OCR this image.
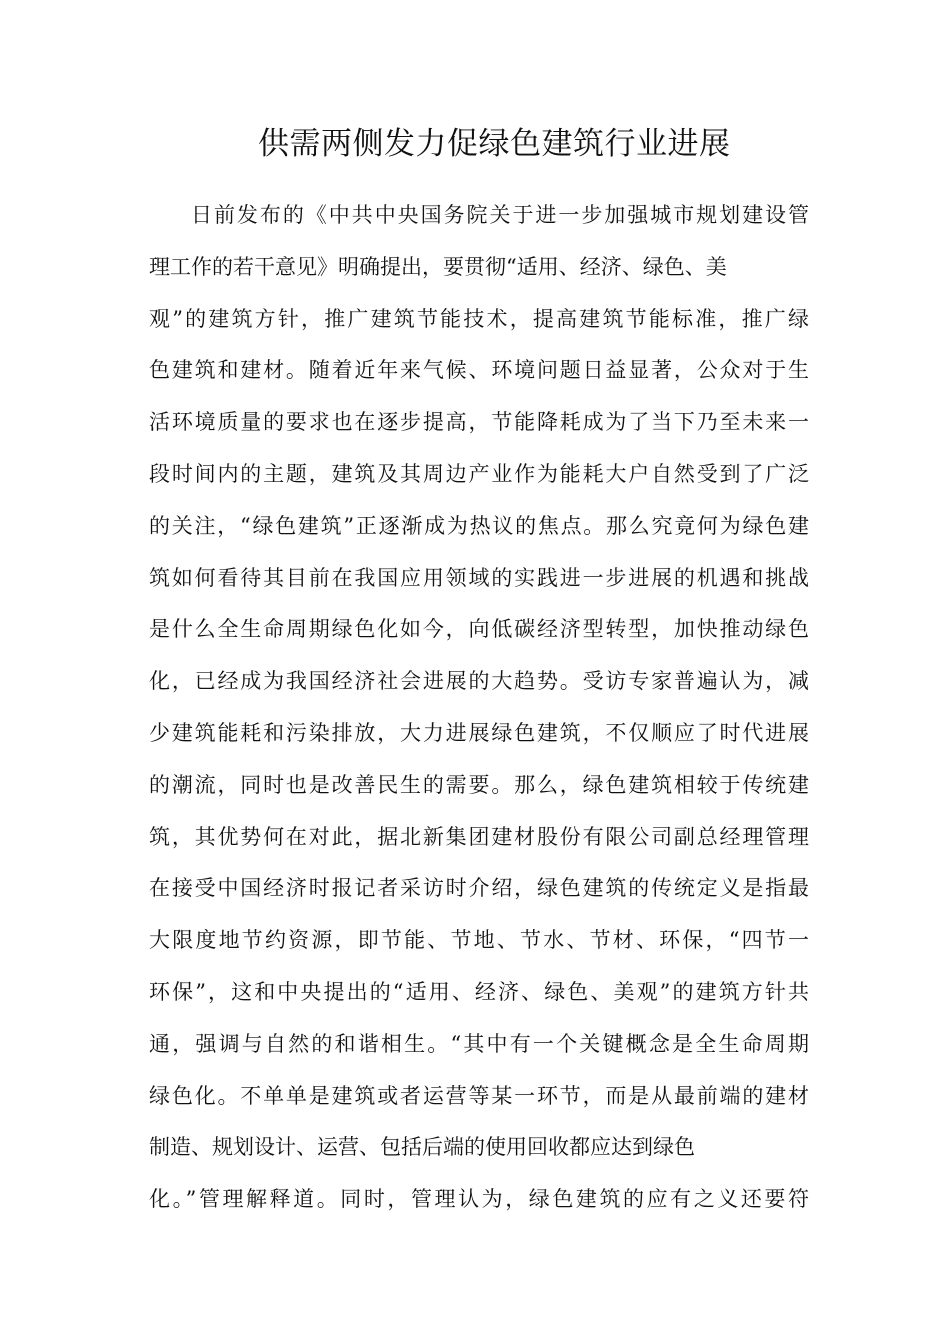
供需两侧发力促绿色建筑行业进展
日前发布的《中共中央国务院关于进一步加强城市规划建设管
理工作的若干意见》明确提出，要贯彻“适用、经济、绿色、美
观”的建筑方针，推广建筑节能技术，提高建筑节能标准，推广绿
色建筑和建材。随着近年来气候、环境问题日益显著，公众对于生
活环境质量的要求也在逐步提高，节能降耗成为了当下乃至未来一
段时间内的主题，建筑及其周边产业作为能耗大户自然受到了广泛
的关注，“绿色建筑”正逐渐成为热议的焦点。那么究竟何为绿色建
筑如何看待其目前在我国应用领域的实践进一步进展的机遇和挑战
是什么全生命周期绿色化如今，向低碳经济型转型，加快推动绿色
化，已经成为我国经济社会进展的大趋势。受访专家普遍认为，减
少建筑能耗和污染排放，大力进展绿色建筑，不仅顺应了时代进展
的潮流，同时也是改善民生的需要。那么，绿色建筑相较于传统建
筑，其优势何在对此，据北新集团建材股份有限公司副总经理管理
在接受中国经济时报记者采访时介绍，绿色建筑的传统定义是指最
大限度地节约资源，即节能、节地、节水、节材、环保，“四节一
环保”，这和中央提出的“适用、经济、绿色、美观”的建筑方针共
通，强调与自然的和谐相生。“其中有一个关键概念是全生命周期
绿色化。不单单是建筑或者运营等某一环节，而是从最前端的建材
制造、规划设计、运营、包括后端的使用回收都应达到绿色
化。”管理解释道。同时，管理认为，绿色建筑的应有之义还要符
